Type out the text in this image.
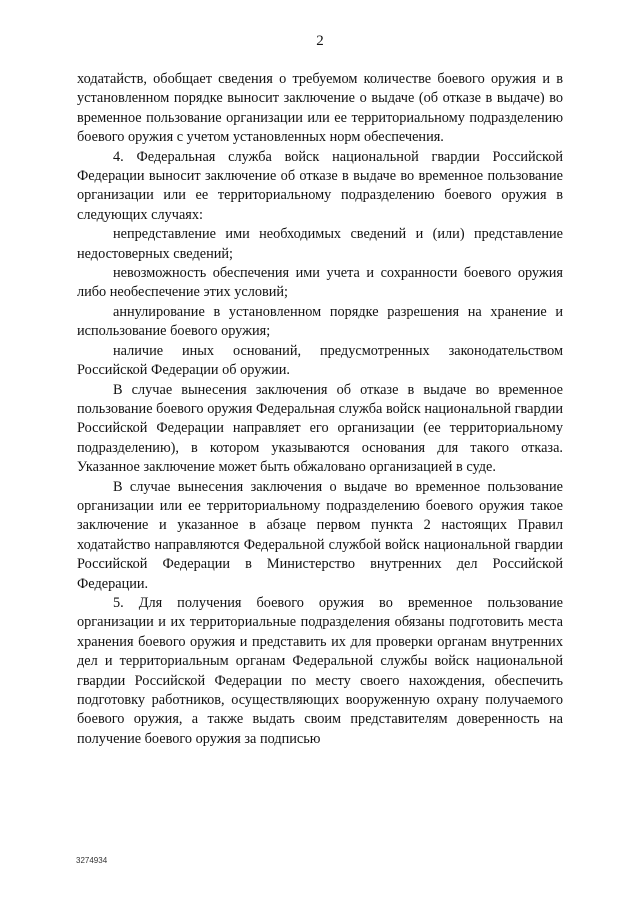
2

ходатайств, обобщает сведения о требуемом количестве боевого оружия и в установленном порядке выносит заключение о выдаче (об отказе в выдаче) во временное пользование организации или ее территориальному подразделению боевого оружия с учетом установленных норм обеспечения.

4. Федеральная служба войск национальной гвардии Российской Федерации выносит заключение об отказе в выдаче во временное пользование организации или ее территориальному подразделению боевого оружия в следующих случаях:

непредставление ими необходимых сведений и (или) представление недостоверных сведений;

невозможность обеспечения ими учета и сохранности боевого оружия либо необеспечение этих условий;

аннулирование в установленном порядке разрешения на хранение и использование боевого оружия;

наличие иных оснований, предусмотренных законодательством Российской Федерации об оружии.

В случае вынесения заключения об отказе в выдаче во временное пользование боевого оружия Федеральная служба войск национальной гвардии Российской Федерации направляет его организации (ее территориальному подразделению), в котором указываются основания для такого отказа. Указанное заключение может быть обжаловано организацией в суде.

В случае вынесения заключения о выдаче во временное пользование организации или ее территориальному подразделению боевого оружия такое заключение и указанное в абзаце первом пункта 2 настоящих Правил ходатайство направляются Федеральной службой войск национальной гвардии Российской Федерации в Министерство внутренних дел Российской Федерации.

5. Для получения боевого оружия во временное пользование организации и их территориальные подразделения обязаны подготовить места хранения боевого оружия и представить их для проверки органам внутренних дел и территориальным органам Федеральной службы войск национальной гвардии Российской Федерации по месту своего нахождения, обеспечить подготовку работников, осуществляющих вооруженную охрану получаемого боевого оружия, а также выдать своим представителям доверенность на получение боевого оружия за подписью

3274934
